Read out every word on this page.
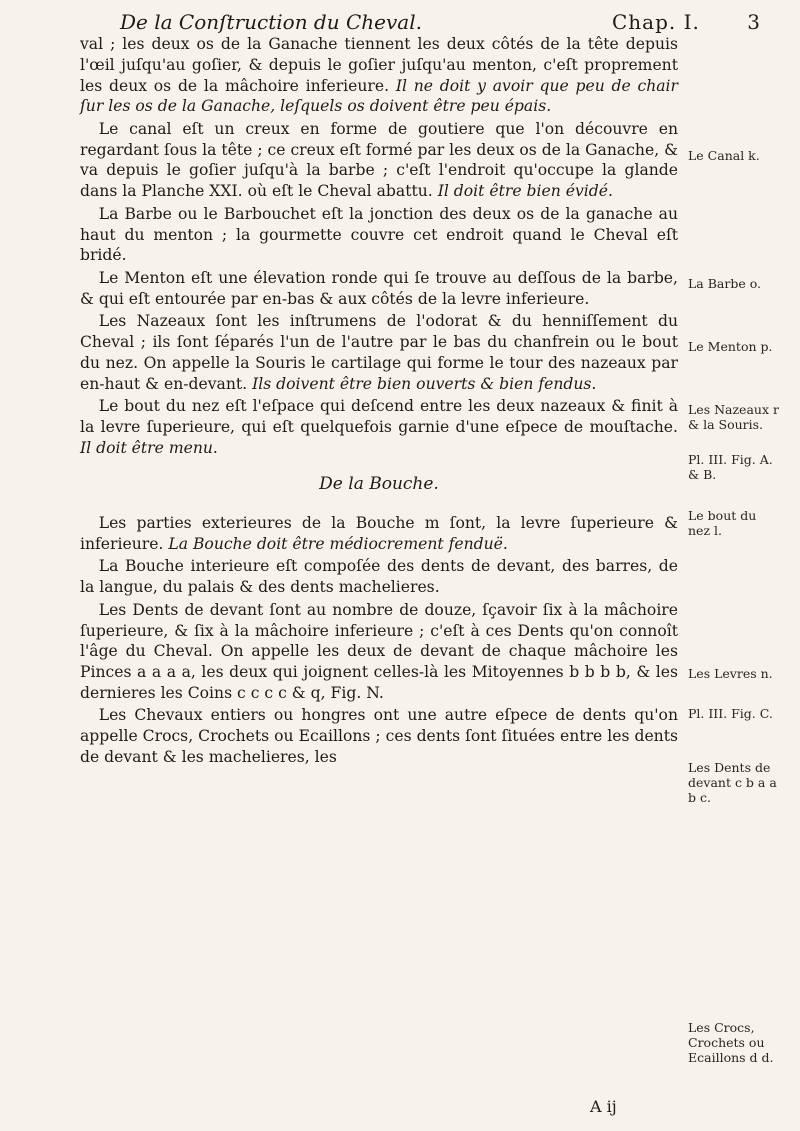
De la Conſtruction du Cheval.	Chap. I. 3

val ; les deux os de la Ganache tiennent les deux côtés de la tête depuis l'œil juſqu'au goſier, & depuis le goſier juſqu'au menton, c'eſt proprement les deux os de la mâchoire inferieure. Il ne doit y avoir que peu de chair ſur les os de la Ganache, leſquels os doivent être peu épais.

Le canal eſt un creux en forme de goutiere que l'on découvre en regardant ſous la tête ; ce creux eſt formé par les deux os de la Ganache, & va depuis le goſier juſqu'à la barbe ; c'eſt l'endroit qu'occupe la glande dans la Planche XXI. où eſt le Cheval abattu. Il doit être bien évidé.

La Barbe ou le Barbouchet eſt la jonction des deux os de la ganache au haut du menton ; la gourmette couvre cet endroit quand le Cheval eſt bridé.

Le Menton eſt une élevation ronde qui ſe trouve au deſſous de la barbe, & qui eſt entourée par en-bas & aux côtés de la levre inferieure.

Les Nazeaux ſont les inſtrumens de l'odorat & du henniſſement du Cheval ; ils ſont ſéparés l'un de l'autre par le bas du chanfrein ou le bout du nez. On appelle la Souris le cartilage qui forme le tour des nazeaux par en-haut & en-devant. Ils doivent être bien ouverts & bien fendus.

Le bout du nez eſt l'eſpace qui deſcend entre les deux nazeaux & finit à la levre ſuperieure, qui eſt quelquefois garnie d'une eſpece de mouſtache. Il doit être menu.

De la Bouche.

Les parties exterieures de la Bouche m ſont, la levre ſuperieure & inferieure. La Bouche doit être médiocrement fenduë.

La Bouche interieure eſt compoſée des dents de devant, des barres, de la langue, du palais & des dents machelieres.

Les Dents de devant ſont au nombre de douze, ſçavoir ſix à la mâchoire ſuperieure, & ſix à la mâchoire inferieure ; c'eſt à ces Dents qu'on connoît l'âge du Cheval. On appelle les deux de devant de chaque mâchoire les Pinces a a a a, les deux qui joignent celles-là les Mitoyennes b b b b, & les dernieres les Coins c c c c & q, Fig. N.

Les Chevaux entiers ou hongres ont une autre eſpece de dents qu'on appelle Crocs, Crochets ou Ecaillons ; ces dents ſont ſituées entre les dents de devant & les machelieres, les

Le Canal k.
La Barbe o.
Le Menton p.
Les Nazeaux r & la Souris.
Pl. III. Fig. A. & B.
Le bout du nez l.
Les Levres n.
Pl. III. Fig. C.
Les Dents de devant c b a a b c.
Les Crocs, Crochets ou Ecaillons d d.
A ij
